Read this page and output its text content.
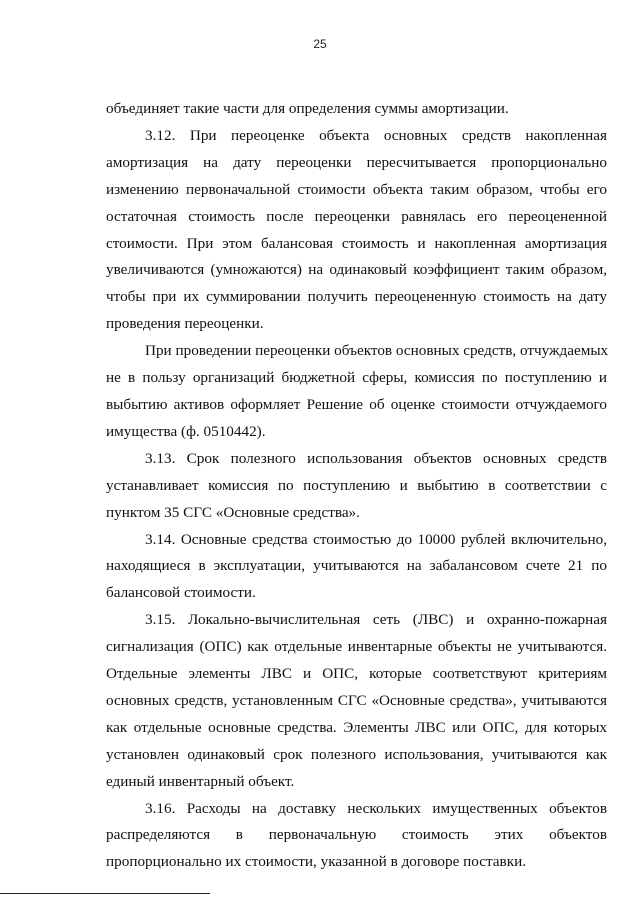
25
объединяет такие части для определения суммы амортизации.
3.12. При переоценке объекта основных средств накопленная
амортизация на дату переоценки пересчитывается пропорционально
изменению первоначальной стоимости объекта таким образом, чтобы его
остаточная стоимость после переоценки равнялась его переоцененной
стоимости. При этом балансовая стоимость и накопленная амортизация
увеличиваются (умножаются) на одинаковый коэффициент таким образом,
чтобы при их суммировании получить переоцененную стоимость на дату
проведения переоценки.
При проведении переоценки объектов основных средств, отчуждаемых
не в пользу организаций бюджетной сферы, комиссия по поступлению и
выбытию активов оформляет Решение об оценке стоимости отчуждаемого
имущества (ф. 0510442).
3.13. Срок полезного использования объектов основных средств
устанавливает комиссия по поступлению и выбытию в соответствии с
пунктом 35 СГС «Основные средства».
3.14. Основные средства стоимостью до 10000 рублей включительно,
находящиеся в эксплуатации, учитываются на забалансовом счете 21 по
балансовой стоимости.
3.15. Локально-вычислительная сеть (ЛВС) и охранно-пожарная
сигнализация (ОПС) как отдельные инвентарные объекты не учитываются.
Отдельные элементы ЛВС и ОПС, которые соответствуют критериям
основных средств, установленным СГС «Основные средства», учитываются
как отдельные основные средства. Элементы ЛВС или ОПС, для которых
установлен одинаковый срок полезного использования, учитываются как
единый инвентарный объект.
3.16. Расходы на доставку нескольких имущественных объектов
распределяются в первоначальную стоимость этих объектов
пропорционально их стоимости, указанной в договоре поставки.
